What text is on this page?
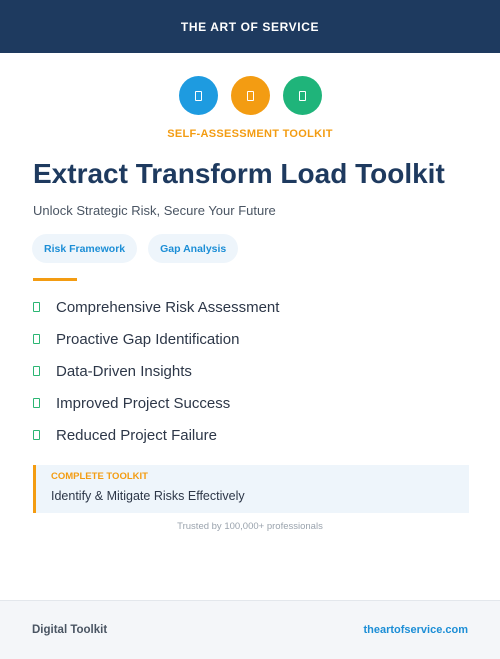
THE ART OF SERVICE
SELF-ASSESSMENT TOOLKIT
Extract Transform Load Toolkit
Unlock Strategic Risk, Secure Your Future
Risk Framework	Gap Analysis
Comprehensive Risk Assessment
Proactive Gap Identification
Data-Driven Insights
Improved Project Success
Reduced Project Failure
COMPLETE TOOLKIT
Identify & Mitigate Risks Effectively
Trusted by 100,000+ professionals
Digital Toolkit	theartofservice.com
